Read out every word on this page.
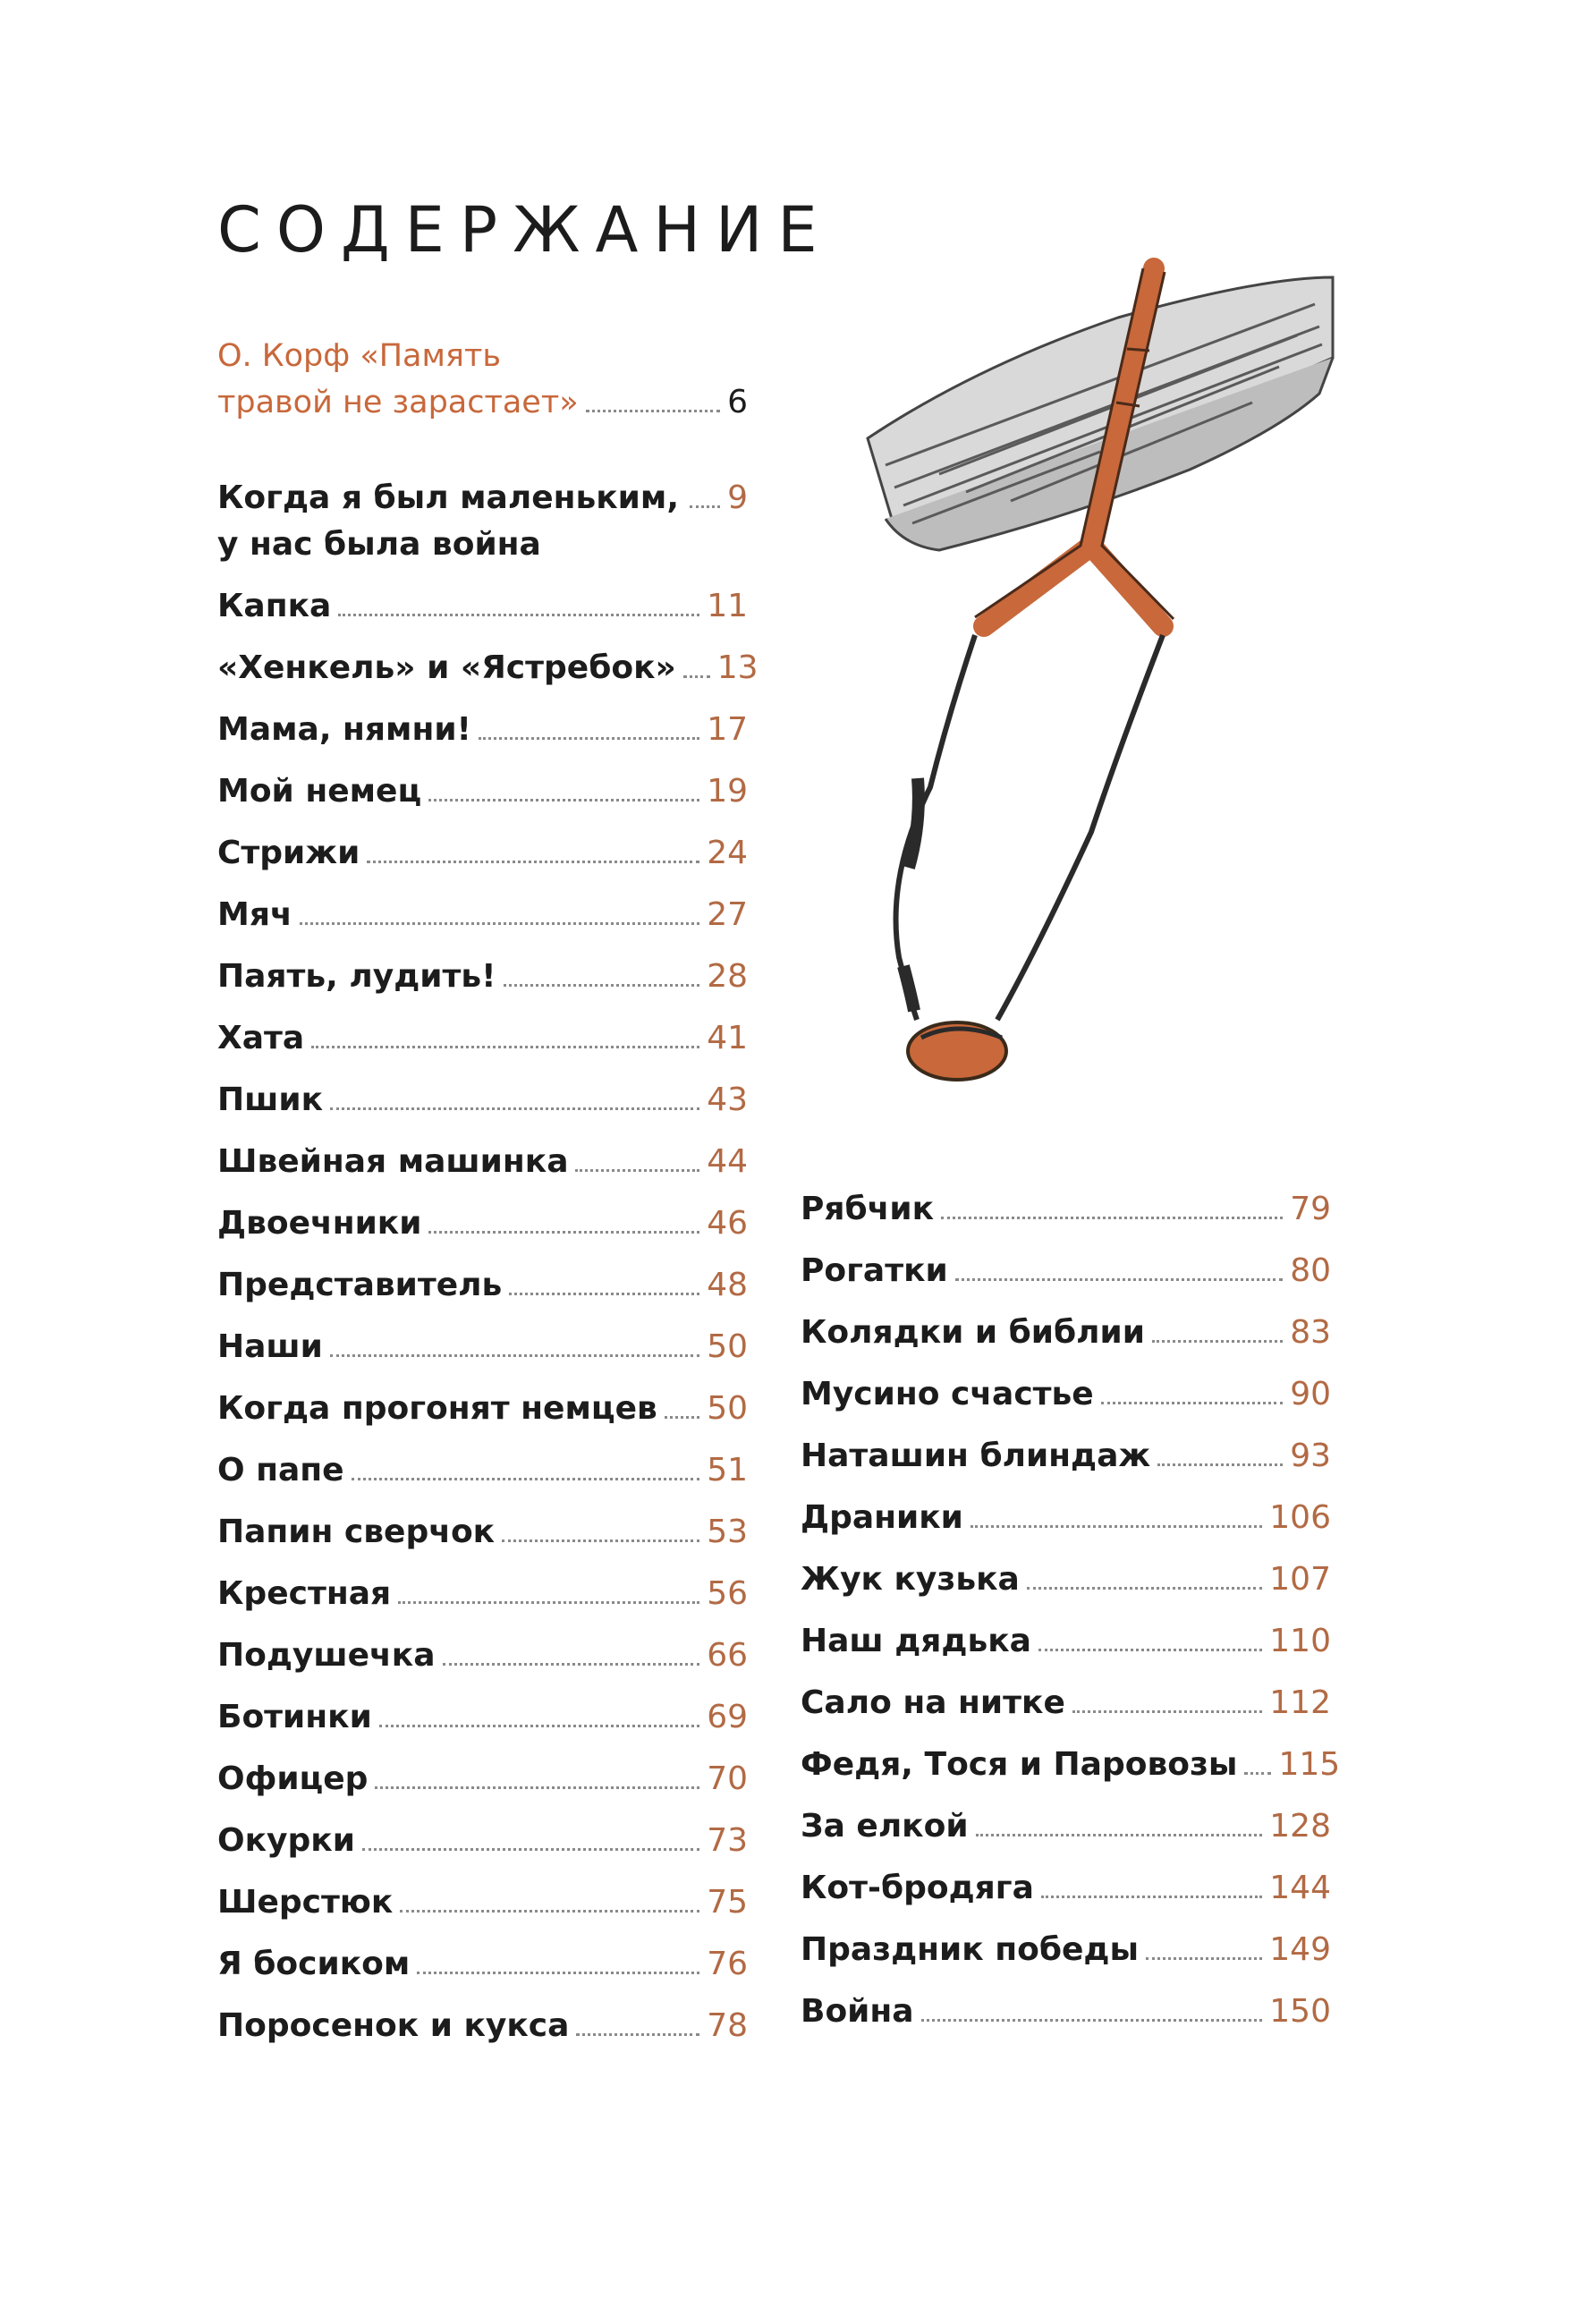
СОДЕРЖАНИЕ
О. Корф «Память
травой не зарастает»	6
Когда я был маленьким,
у нас была война
9
Капка	11
«Хенкель» и «Ястребок» 13
Мама, нямни!	17
Мой немец	19
Стрижи	24
Мяч	27
Паять, лудить!	28
Хата	41
Пшик	43
Швейная машинка	44
Двоечники	46
Представитель	48
Наши	50
Когда прогонят немцев 50
О папе	51
Папин сверчок	53
Крестная	56
Подушечка	66
Ботинки	69
Офицер	70
Окурки	73
Шерстюк	75
Я босиком	76
Поросенок и кукса	78
Рябчик	79
Рогатки	80
Колядки и библии	83
Мусино счастье	90
Наташин блиндаж	93
Драники	106
Жук кузька	107
Наш дядька	110
Сало на нитке	112
Федя, Тося и Паровозы 115
За елкой	128
Кот-бродяга	144
Праздник победы	149
Война	150
